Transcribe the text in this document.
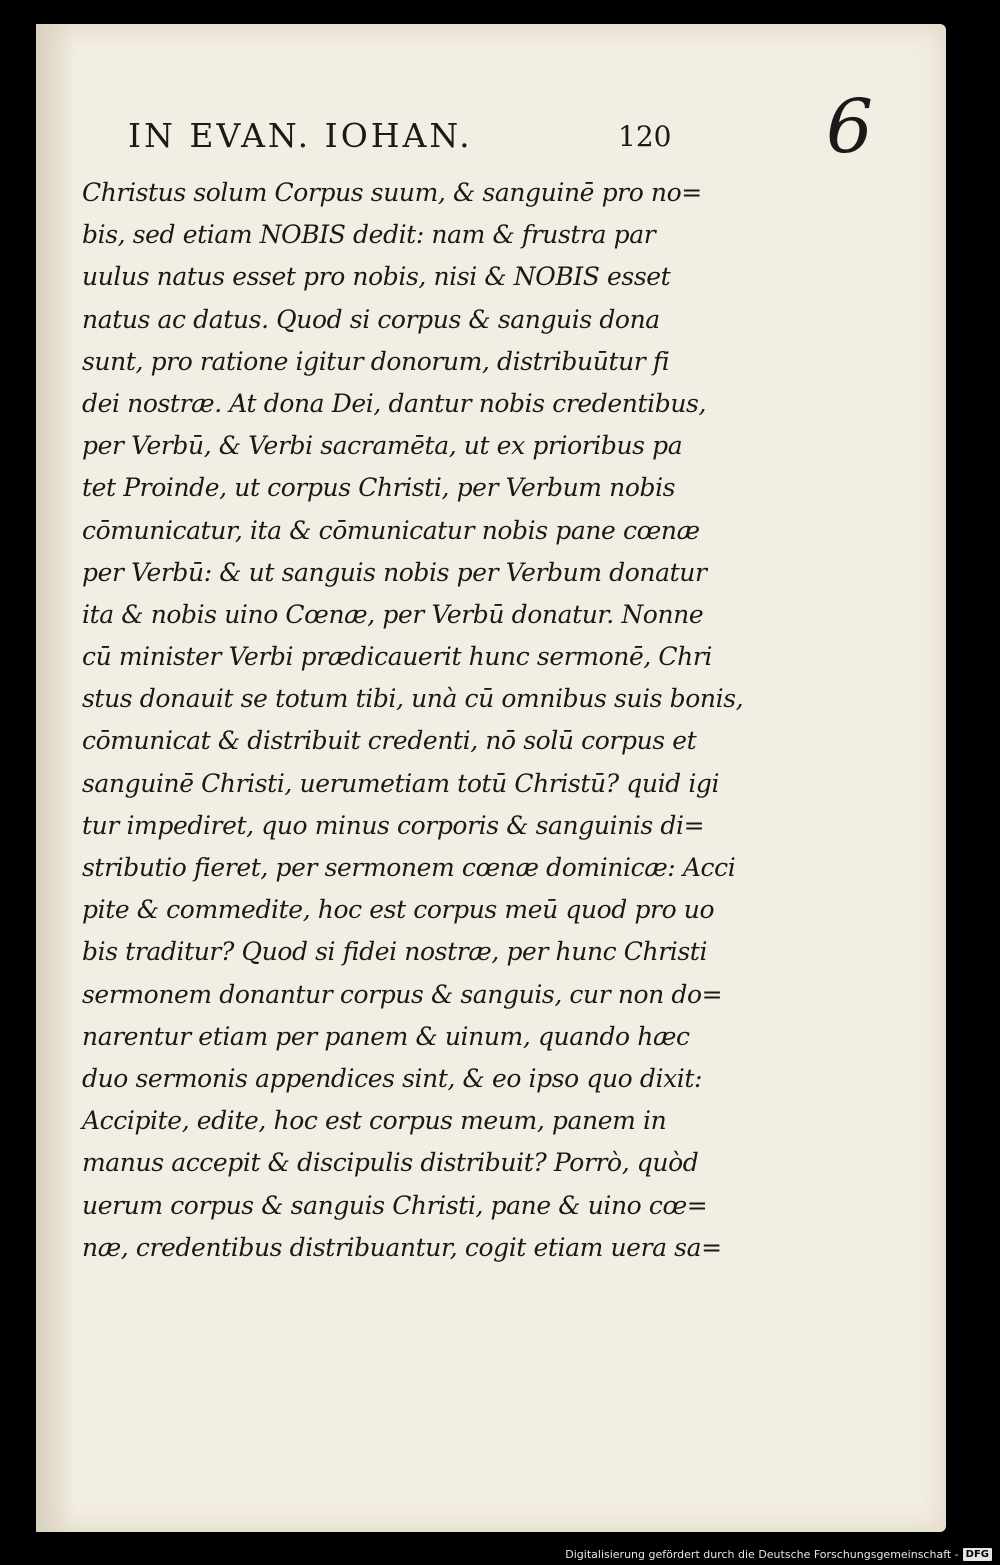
IN EVAN. IOHAN.	120 6
Christus solum Corpus suum, & sanguinē pro no=
bis, sed etiam NOBIS dedit: nam & frustra par
uulus natus esset pro nobis, nisi & NOBIS esset
natus ac datus. Quod si corpus & sanguis dona
sunt, pro ratione igitur donorum, distribuūtur fi
dei nostræ. At dona Dei, dantur nobis credentibus,
per Verbū, & Verbi sacramēta, ut ex prioribus pa
tet Proinde, ut corpus Christi, per Verbum nobis
cōmunicatur, ita & cōmunicatur nobis pane cœnæ
per Verbū: & ut sanguis nobis per Verbum donatur
ita & nobis uino Cœnæ, per Verbū donatur. Nonne
cū minister Verbi prædicauerit hunc sermonē, Chri
stus donauit se totum tibi, unà cū omnibus suis bonis,
cōmunicat & distribuit credenti, nō solū corpus et
sanguinē Christi, uerumetiam totū Christū? quid igi
tur impediret, quo minus corporis & sanguinis di=
stributio fieret, per sermonem cœnæ dominicæ: Acci
pite & commedite, hoc est corpus meū quod pro uo
bis traditur? Quod si fidei nostræ, per hunc Christi
sermonem donantur corpus & sanguis, cur non do=
narentur etiam per panem & uinum, quando hæc
duo sermonis appendices sint, & eo ipso quo dixit:
Accipite, edite, hoc est corpus meum, panem in
manus accepit & discipulis distribuit? Porrò, quòd
uerum corpus & sanguis Christi, pane & uino cœ=
næ, credentibus distribuantur, cogit etiam uera sa=
Digitalisierung gefördert durch die Deutsche Forschungsgemeinschaft - DFG
